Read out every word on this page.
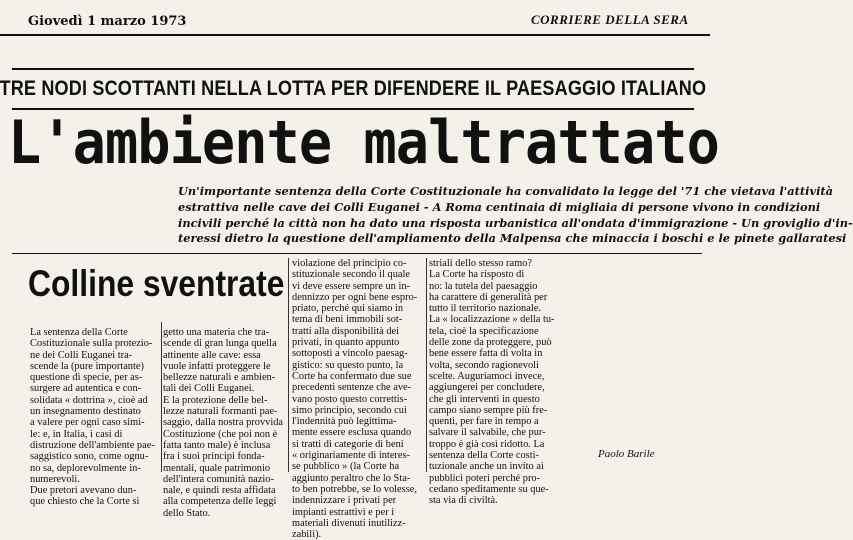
Giovedì 1 marzo 1973	CORRIERE DELLA SERA
TRE NODI SCOTTANTI NELLA LOTTA PER DIFENDERE IL PAESAGGIO ITALIANO
L'ambiente maltrattato
Un'importante sentenza della Corte Costituzionale ha convalidato la legge del '71 che vietava l'attività
estrattiva nelle cave dei Colli Euganei - A Roma centinaia di migliaia di persone vivono in condizioni
incivili perché la città non ha dato una risposta urbanistica all'ondata d'immigrazione - Un groviglio d'in-
teressi dietro la questione dell'ampliamento della Malpensa che minaccia i boschi e le pinete gallaratesi
Colline sventrate
La sentenza della Corte
Costituzionale sulla protezio-
ne dei Colli Euganei tra-
scende la (pure importante)
questione di specie, per as-
surgere ad autentica e con-
solidata « dottrina », cioè ad
un insegnamento destinato
a valere per ogni caso simi-
le: e, in Italia, i casi di
distruzione dell'ambiente pae-
saggistico sono, come ognu-
no sa, deplorevolmente in-
numerevoli.
Due pretori avevano dun-
que chiesto che la Corte si
getto una materia che tra-
scende di gran lunga quella
attinente alle cave: essa
vuole infatti proteggere le
bellezze naturali e ambien-
tali dei Colli Euganei.
E la protezione delle bel-
lezze naturali formanti pae-
saggio, dalla nostra provvida
Costituzione (che poi non è
fatta tanto male) è inclusa
fra i suoi principi fonda-
mentali, quale patrimonio
dell'intera comunità nazio-
nale, e quindi resta affidata
alla competenza delle leggi
dello Stato.
violazione del principio co-
stituzionale secondo il quale
vi deve essere sempre un in-
dennizzo per ogni bene espro-
priato, perché qui siamo in
tema di beni immobili sot-
tratti alla disponibilità dei
privati, in quanto appunto
sottoposti a vincolo paesag-
gistico: su questo punto, la
Corte ha confermato due sue
precedenti sentenze che ave-
vano posto questo correttis-
simo principio, secondo cui
l'indennità può legittima-
mente essere esclusa quando
si tratti di categorie di beni
« originariamente di interes-
se pubblico » (la Corte ha
aggiunto peraltro che lo Sta-
to ben potrebbe, se lo volesse,
indennizzare i privati per
impianti estrattivi e per i
materiali divenuti inutilizz-
zabili).
striali dello stesso ramo?
La Corte ha risposto di
no: la tutela del paesaggio
ha carattere di generalità per
tutto il territorio nazionale.
La « localizzazione » della tu-
tela, cioè la specificazione
delle zone da proteggere, può
bene essere fatta di volta in
volta, secondo ragionevoli
scelte. Auguriamoci invece,
aggiungerei per concludere,
che gli interventi in questo
campo siano sempre più fre-
quenti, per fare in tempo a
salvare il salvabile, che pur-
troppo è già così ridotto. La
sentenza della Corte costi-
tuzionale anche un invito ai
pubblici poteri perché pro-
cedano speditamente su que-
sta via di civiltà.
Paolo Barile
